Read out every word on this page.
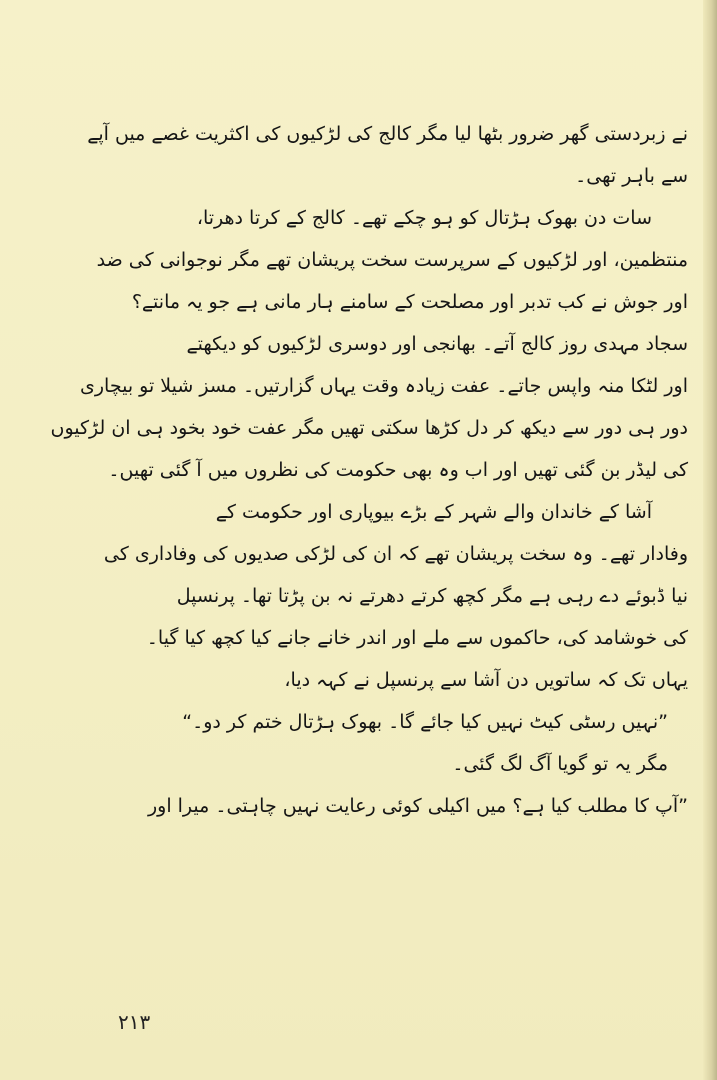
نے زبردستی گھر ضرور بٹھا لیا مگر کالج کی لڑکیوں کی اکثریت غصے میں آپے
سے باہر تھی۔
سات دن بھوک ہڑتال کو ہو چکے تھے۔ کالج کے کرتا دھرتا،
منتظمین، اور لڑکیوں کے سرپرست سخت پریشان تھے مگر نوجوانی کی ضد
اور جوش نے کب تدبر اور مصلحت کے سامنے ہار مانی ہے جو یہ مانتے؟
سجاد مہدی روز کالج آتے۔ بھانجی اور دوسری لڑکیوں کو دیکھتے
اور لٹکا منہ واپس جاتے۔ عفت زیادہ وقت یہاں گزارتیں۔ مسز شیلا تو بیچاری
دور ہی دور سے دیکھ کر دل کڑھا سکتی تھیں مگر عفت خود بخود ہی ان لڑکیوں
کی لیڈر بن گئی تھیں اور اب وہ بھی حکومت کی نظروں میں آ گئی تھیں۔
آشا کے خاندان والے شہر کے بڑے بیوپاری اور حکومت کے
وفادار تھے۔ وہ سخت پریشان تھے کہ ان کی لڑکی صدیوں کی وفاداری کی
نیا ڈبوئے دے رہی ہے مگر کچھ کرتے دھرتے نہ بن پڑتا تھا۔ پرنسپل
کی خوشامد کی، حاکموں سے ملے اور اندر خانے جانے کیا کچھ کیا گیا۔
یہاں تک کہ ساتویں دن آشا سے پرنسپل نے کہہ دیا،
”نہیں رسٹی کیٹ نہیں کیا جائے گا۔ بھوک ہڑتال ختم کر دو۔“
مگر یہ تو گویا آگ لگ گئی۔
”آپ کا مطلب کیا ہے؟ میں اکیلی کوئی رعایت نہیں چاہتی۔ میرا اور
۲۱۳
